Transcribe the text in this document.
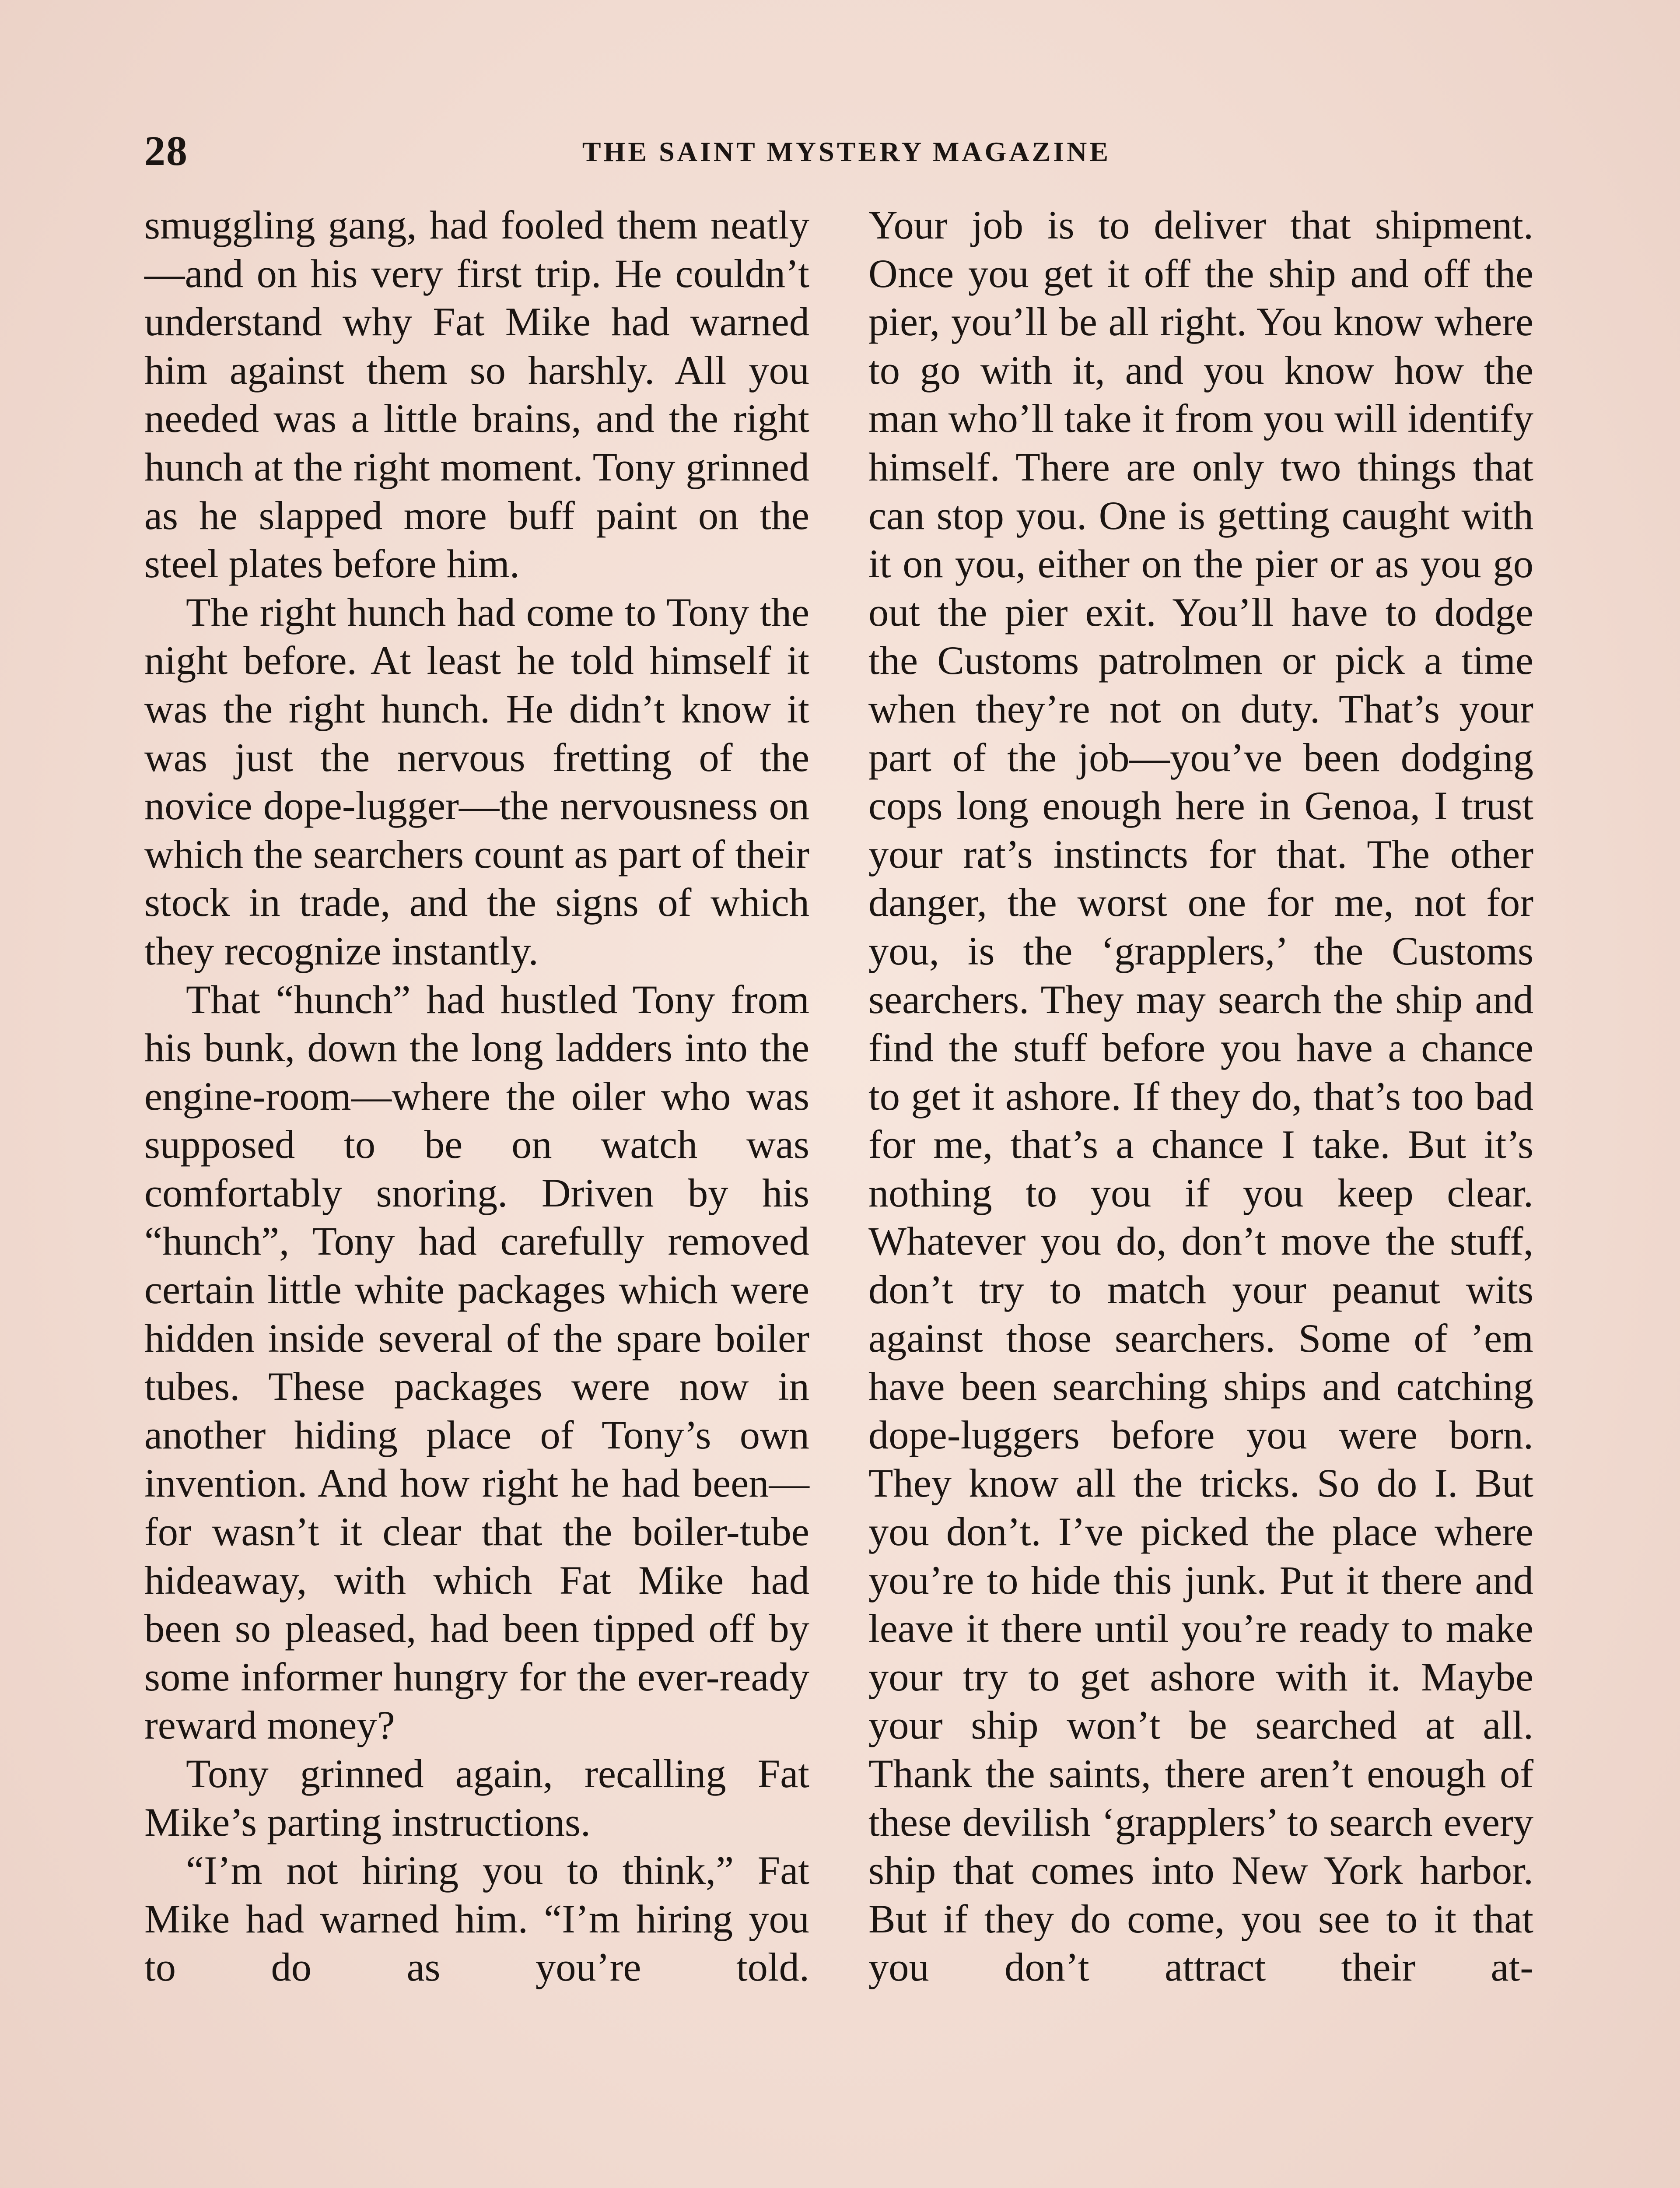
28	THE SAINT MYSTERY MAGAZINE

smuggling gang, had fooled them neatly—and on his very first trip. He couldn’t understand why Fat Mike had warned him against them so harshly. All you needed was a little brains, and the right hunch at the right moment. Tony grinned as he slapped more buff paint on the steel plates before him.

The right hunch had come to Tony the night before. At least he told himself it was the right hunch. He didn’t know it was just the nervous fretting of the novice dope-lugger—the nervousness on which the searchers count as part of their stock in trade, and the signs of which they recognize instantly.

That “hunch” had hustled Tony from his bunk, down the long ladders into the engine-room—where the oiler who was supposed to be on watch was comfortably snoring. Driven by his “hunch”, Tony had carefully removed certain little white packages which were hidden inside several of the spare boiler tubes. These packages were now in another hiding place of Tony’s own invention. And how right he had been—for wasn’t it clear that the boiler-tube hideaway, with which Fat Mike had been so pleased, had been tipped off by some informer hungry for the ever-ready reward money?

Tony grinned again, recalling Fat Mike’s parting instructions.

“I’m not hiring you to think,” Fat Mike had warned him. “I’m hiring you to do as you’re told.

Your job is to deliver that shipment. Once you get it off the ship and off the pier, you’ll be all right. You know where to go with it, and you know how the man who’ll take it from you will identify himself. There are only two things that can stop you. One is getting caught with it on you, either on the pier or as you go out the pier exit. You’ll have to dodge the Customs patrolmen or pick a time when they’re not on duty. That’s your part of the job—you’ve been dodging cops long enough here in Genoa, I trust your rat’s instincts for that. The other danger, the worst one for me, not for you, is the ‘grapplers,’ the Customs searchers. They may search the ship and find the stuff before you have a chance to get it ashore. If they do, that’s too bad for me, that’s a chance I take. But it’s nothing to you if you keep clear. Whatever you do, don’t move the stuff, don’t try to match your peanut wits against those searchers. Some of ’em have been searching ships and catching dope-luggers before you were born. They know all the tricks. So do I. But you don’t. I’ve picked the place where you’re to hide this junk. Put it there and leave it there until you’re ready to make your try to get ashore with it. Maybe your ship won’t be searched at all. Thank the saints, there aren’t enough of these devilish ‘grapplers’ to search every ship that comes into New York harbor. But if they do come, you see to it that you don’t attract their at-
